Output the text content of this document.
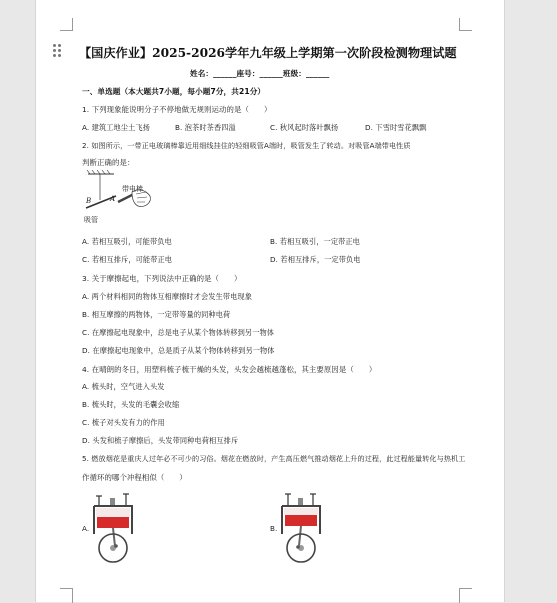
【国庆作业】2025-2026学年九年级上学期第一次阶段检测物理试题
姓名：______座号：______班级：______
一、单选题（本大题共7小题，每小题7分，共21分）
1. 下列现象能说明分子不停地做无规则运动的是（　　）
A. 建筑工地尘土飞扬	B. 泡茶时茶香四溢	C. 秋风起时落叶飘扬	D. 下雪时雪花飘飘
2. 如图所示，一带正电玻璃棒靠近用细线挂住的轻细吸管A端时，吸管发生了转动。对吸管A端带电性质
判断正确的是：
带电棒
A
B
吸管
A. 若相互吸引，可能带负电	B. 若相互吸引，一定带正电
C. 若相互排斥，可能带正电	D. 若相互排斥，一定带负电
3. 关于摩擦起电，下列说法中正确的是（　　）
A. 两个材料相同的物体互相摩擦时才会发生带电现象
B. 相互摩擦的两物体，一定带等量的同种电荷
C. 在摩擦起电现象中，总是电子从某个物体转移到另一物体
D. 在摩擦起电现象中，总是质子从某个物体转移到另一物体
4. 在晴朗的冬日，用塑料梳子梳干燥的头发，头发会越梳越蓬松，其主要原因是（　　）
A. 梳头时，空气进入头发
B. 梳头时，头发的毛囊会收缩
C. 梳子对头发有力的作用
D. 头发和梳子摩擦后，头发带同种电荷相互排斥
5. 燃放烟花是重庆人过年必不可少的习俗。烟花在燃放时，产生高压燃气推动烟花上升的过程，此过程能量转化与热机工
作循环的哪个冲程相似（　　）
A.	B.
